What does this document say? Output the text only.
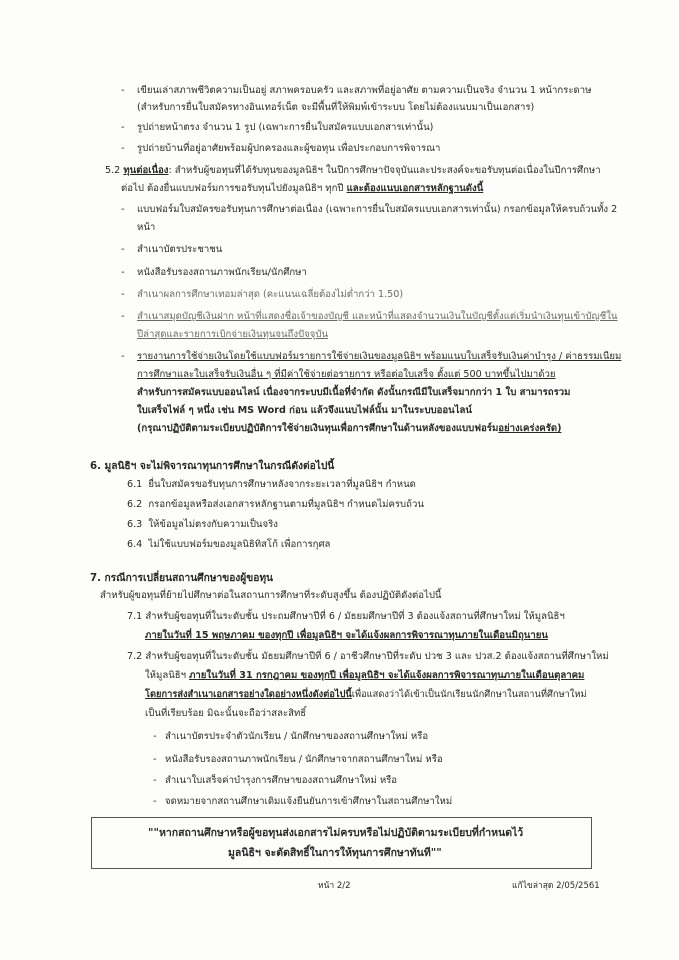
- เขียนเล่าสภาพชีวิตความเป็นอยู่ สภาพครอบครัว และสภาพที่อยู่อาศัย ตามความเป็นจริง จำนวน 1 หน้ากระดาษ
(สำหรับการยื่นใบสมัครทางอินเทอร์เน็ต จะมีพื้นที่ให้พิมพ์เข้าระบบ โดยไม่ต้องแนบมาเป็นเอกสาร)
- รูปถ่ายหน้าตรง จำนวน 1 รูป (เฉพาะการยื่นใบสมัครแบบเอกสารเท่านั้น)
- รูปถ่ายบ้านที่อยู่อาศัยพร้อมผู้ปกครองและผู้ขอทุน เพื่อประกอบการพิจารณา
5.2 ทุนต่อเนื่อง: สำหรับผู้ขอทุนที่ได้รับทุนของมูลนิธิฯ ในปีการศึกษาปัจจุบันและประสงค์จะขอรับทุนต่อเนื่องในปีการศึกษา
ต่อไป ต้องยื่นแบบฟอร์มการขอรับทุนไปยังมูลนิธิฯ ทุกปี และต้องแนบเอกสารหลักฐานดังนี้
- แบบฟอร์มใบสมัครขอรับทุนการศึกษาต่อเนื่อง (เฉพาะการยื่นใบสมัครแบบเอกสารเท่านั้น) กรอกข้อมูลให้ครบถ้วนทั้ง 2
หน้า
- สำเนาบัตรประชาชน
- หนังสือรับรองสถานภาพนักเรียน/นักศึกษา
- สำเนาผลการศึกษาเทอมล่าสุด (คะแนนเฉลี่ยต้องไม่ต่ำกว่า 1.50)
- สำเนาสมุดบัญชีเงินฝาก หน้าที่แสดงชื่อเจ้าของบัญชี และหน้าที่แสดงจำนวนเงินในบัญชีตั้งแต่เริ่มนำเงินทุนเข้าบัญชีใน
ปีล่าสุดและรายการเบิกจ่ายเงินทุนจนถึงปัจจุบัน
- รายงานการใช้จ่ายเงินโดยใช้แบบฟอร์มรายการใช้จ่ายเงินของมูลนิธิฯ พร้อมแนบใบเสร็จรับเงินค่าบำรุง / ค่าธรรมเนียม
การศึกษาและใบเสร็จรับเงินอื่น ๆ ที่มีค่าใช้จ่ายต่อรายการ หรือต่อใบเสร็จ ตั้งแต่ 500 บาทขึ้นไปมาด้วย
สำหรับการสมัครแบบออนไลน์ เนื่องจากระบบมีเนื้อที่จำกัด ดังนั้นกรณีมีใบเสร็จมากกว่า 1 ใบ สามารถรวม
ใบเสร็จไฟล์ ๆ หนึ่ง เช่น MS Word ก่อน แล้วจึงแนบไฟล์นั้น มาในระบบออนไลน์
(กรุณาปฏิบัติตามระเบียบปฏิบัติการใช้จ่ายเงินทุนเพื่อการศึกษาในด้านหลังของแบบฟอร์มอย่างเคร่งครัด)
6. มูลนิธิฯ จะไม่พิจารณาทุนการศึกษาในกรณีดังต่อไปนี้
6.1 ยื่นใบสมัครขอรับทุนการศึกษาหลังจากระยะเวลาที่มูลนิธิฯ กำหนด
6.2 กรอกข้อมูลหรือส่งเอกสารหลักฐานตามที่มูลนิธิฯ กำหนดไม่ครบถ้วน
6.3 ให้ข้อมูลไม่ตรงกับความเป็นจริง
6.4 ไม่ใช้แบบฟอร์มของมูลนิธิทิสโก้ เพื่อการกุศล
7. กรณีการเปลี่ยนสถานศึกษาของผู้ขอทุน
สำหรับผู้ขอทุนที่ย้ายไปศึกษาต่อในสถานการศึกษาที่ระดับสูงขึ้น ต้องปฏิบัติดังต่อไปนี้
7.1 สำหรับผู้ขอทุนที่ในระดับชั้น ประถมศึกษาปีที่ 6 / มัธยมศึกษาปีที่ 3 ต้องแจ้งสถานที่ศึกษาใหม่ ให้มูลนิธิฯ
ภายในวันที่ 15 พฤษภาคม ของทุกปี เพื่อมูลนิธิฯ จะได้แจ้งผลการพิจารณาทุนภายในเดือนมิถุนายน
7.2 สำหรับผู้ขอทุนที่ในระดับชั้น มัธยมศึกษาปีที่ 6 / อาชีวศึกษาปีที่ระดับ ปวช 3 และ ปวส.2 ต้องแจ้งสถานที่ศึกษาใหม่
ให้มูลนิธิฯ ภายในวันที่ 31 กรกฎาคม ของทุกปี เพื่อมูลนิธิฯ จะได้แจ้งผลการพิจารณาทุนภายในเดือนตุลาคม
โดยการส่งสำเนาเอกสารอย่างใดอย่างหนึ่งดังต่อไปนี้เพื่อแสดงว่าได้เข้าเป็นนักเรียนนักศึกษาในสถานที่ศึกษาใหม่
เป็นที่เรียบร้อย มิฉะนั้นจะถือว่าสละสิทธิ์
- สำเนาบัตรประจำตัวนักเรียน / นักศึกษาของสถานศึกษาใหม่ หรือ
- หนังสือรับรองสถานภาพนักเรียน / นักศึกษาจากสถานศึกษาใหม่ หรือ
- สำเนาใบเสร็จค่าบำรุงการศึกษาของสถานศึกษาใหม่ หรือ
- จดหมายจากสถานศึกษาเดิมแจ้งยืนยันการเข้าศึกษาในสถานศึกษาใหม่
""หากสถานศึกษาหรือผู้ขอทุนส่งเอกสารไม่ครบหรือไม่ปฏิบัติตามระเบียบที่กำหนดไว้
มูลนิธิฯ จะตัดสิทธิ์ในการให้ทุนการศึกษาทันที""
หน้า 2/2	แก้ไขล่าสุด 2/05/2561
